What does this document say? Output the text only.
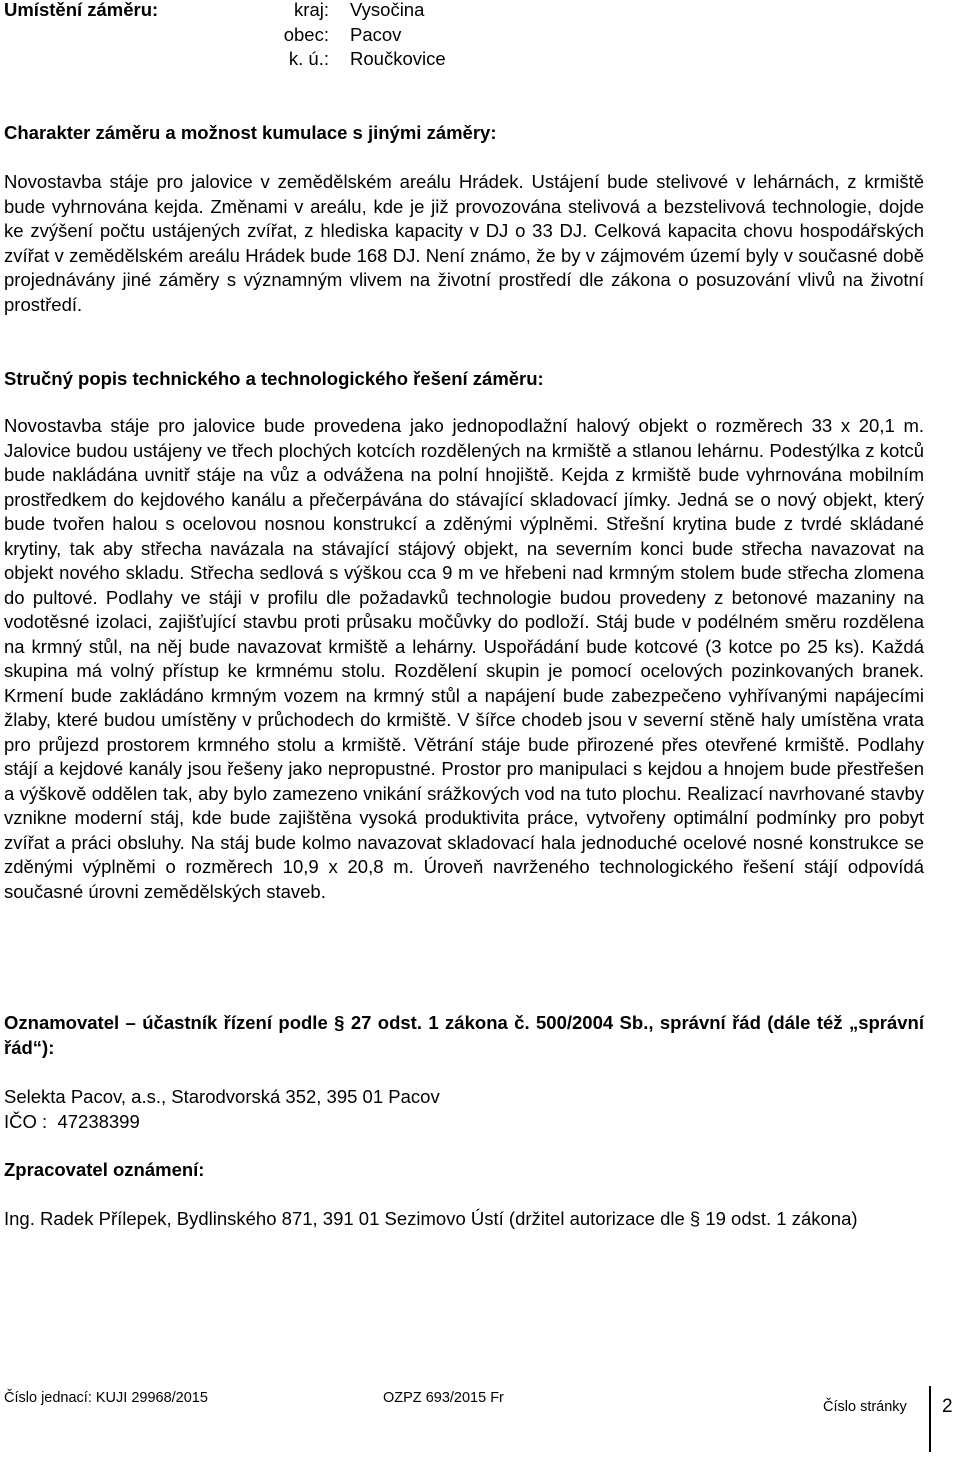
Umístění záměru:	kraj:
obec:
k. ú.:
Vysočina
Pacov
Roučkovice
Charakter záměru a možnost kumulace s jinými záměry:
Novostavba stáje pro jalovice v zemědělském areálu Hrádek. Ustájení bude stelivové v lehárnách, z krmiště bude vyhrnována kejda. Změnami v areálu, kde je již provozována stelivová a bezstelivová technologie, dojde ke zvýšení počtu ustájených zvířat, z hlediska kapacity v DJ o 33 DJ. Celková kapacita chovu hospodářských zvířat v zemědělském areálu Hrádek bude 168 DJ. Není známo, že by v zájmovém území byly v současné době projednávány jiné záměry s významným vlivem na životní prostředí dle zákona o posuzování vlivů na životní prostředí.
Stručný popis technického a technologického řešení záměru:
Novostavba stáje pro jalovice bude provedena jako jednopodlažní halový objekt o rozměrech 33 x 20,1 m. Jalovice budou ustájeny ve třech plochých kotcích rozdělených na krmiště a stlanou lehárnu. Podestýlka z kotců bude nakládána uvnitř stáje na vůz a odvážena na polní hnojiště. Kejda z krmiště bude vyhrnována mobilním prostředkem do kejdového kanálu a přečerpávána do stávající skladovací jímky. Jedná se o nový objekt, který bude tvořen halou s ocelovou nosnou konstrukcí a zděnými výplněmi. Střešní krytina bude z tvrdé skládané krytiny, tak aby střecha navázala na stávající stájový objekt, na severním konci bude střecha navazovat na objekt nového skladu. Střecha sedlová s výškou cca 9 m ve hřebeni nad krmným stolem bude střecha zlomena do pultové. Podlahy ve stáji v profilu dle požadavků technologie budou provedeny z betonové mazaniny na vodotěsné izolaci, zajišťující stavbu proti průsaku močůvky do podloží. Stáj bude v podélném směru rozdělena na krmný stůl, na něj bude navazovat krmiště a lehárny. Uspořádání bude kotcové (3 kotce po 25 ks). Každá skupina má volný přístup ke krmnému stolu. Rozdělení skupin je pomocí ocelových pozinkovaných branek. Krmení bude zakládáno krmným vozem na krmný stůl a napájení bude zabezpečeno vyhřívanými napájecími žlaby, které budou umístěny v průchodech do krmiště. V šířce chodeb jsou v severní stěně haly umístěna vrata pro průjezd prostorem krmného stolu a krmiště. Větrání stáje bude přirozené přes otevřené krmiště. Podlahy stájí a kejdové kanály jsou řešeny jako nepropustné. Prostor pro manipulaci s kejdou a hnojem bude přestřešen a výškově oddělen tak, aby bylo zamezeno vnikání srážkových vod na tuto plochu. Realizací navrhované stavby vznikne moderní stáj, kde bude zajištěna vysoká produktivita práce, vytvořeny optimální podmínky pro pobyt zvířat a práci obsluhy. Na stáj bude kolmo navazovat skladovací hala jednoduché ocelové nosné konstrukce se zděnými výplněmi o rozměrech 10,9 x 20,8 m. Úroveň navrženého technologického řešení stájí odpovídá současné úrovni zemědělských staveb.
Oznamovatel – účastník řízení podle § 27 odst. 1 zákona č. 500/2004 Sb., správní řád (dále též „správní řád“):
Selekta Pacov, a.s., Starodvorská 352, 395 01 Pacov
IČO : 47238399
Zpracovatel oznámení:
Ing. Radek Přílepek, Bydlinského 871, 391 01 Sezimovo Ústí (držitel autorizace dle § 19 odst. 1 zákona)
Číslo jednací: KUJI 29968/2015	OZPZ 693/2015 Fr
Číslo stránky 2
